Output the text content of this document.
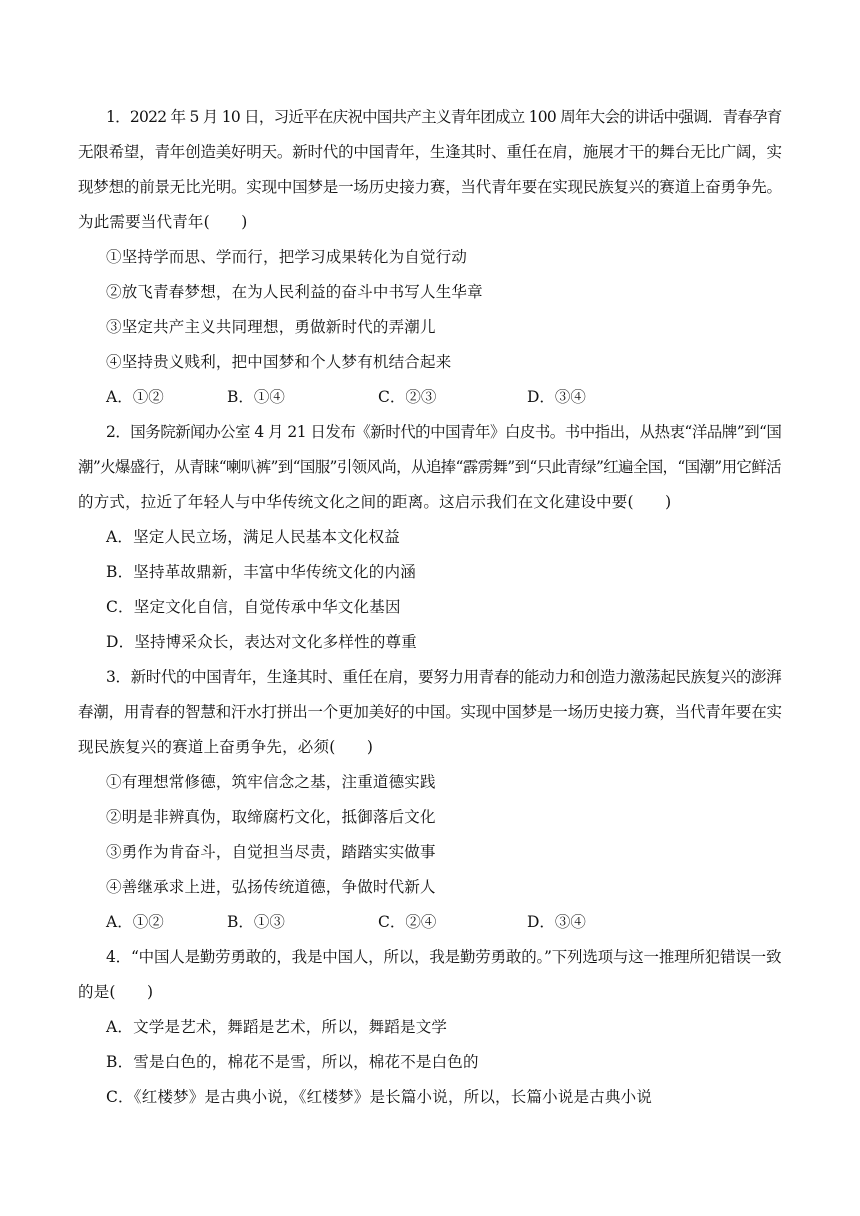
1．2022 年 5 月 10 日，习近平在庆祝中国共产主义青年团成立 100 周年大会的讲话中强调．青春孕育
无限希望，青年创造美好明天。新时代的中国青年，生逢其时、重任在肩，施展才干的舞台无比广阔，实
现梦想的前景无比光明。实现中国梦是一场历史接力赛，当代青年要在实现民族复兴的赛道上奋勇争先。
为此需要当代青年(　　)
①坚持学而思、学而行，把学习成果转化为自觉行动
②放飞青春梦想，在为人民利益的奋斗中书写人生华章
③坚定共产主义共同理想，勇做新时代的弄潮儿
④坚持贵义贱利，把中国梦和个人梦有机结合起来
A．①②	B．①④	C．②③	D．③④
2．国务院新闻办公室 4 月 21 日发布《新时代的中国青年》白皮书。书中指出，从热衷“洋品牌”到“国
潮”火爆盛行，从青睐“喇叭裤”到“国服”引领风尚，从追捧“霹雳舞”到“只此青绿”红遍全国，“国潮”用它鲜活
的方式，拉近了年轻人与中华传统文化之间的距离。这启示我们在文化建设中要(　　)
A．坚定人民立场，满足人民基本文化权益
B．坚持革故鼎新，丰富中华传统文化的内涵
C．坚定文化自信，自觉传承中华文化基因
D．坚持博采众长，表达对文化多样性的尊重
3．新时代的中国青年，生逢其时、重任在肩，要努力用青春的能动力和创造力激荡起民族复兴的澎湃
春潮，用青春的智慧和汗水打拼出一个更加美好的中国。实现中国梦是一场历史接力赛，当代青年要在实
现民族复兴的赛道上奋勇争先，必须(　　)
①有理想常修德，筑牢信念之基，注重道德实践
②明是非辨真伪，取缔腐朽文化，抵御落后文化
③勇作为肯奋斗，自觉担当尽责，踏踏实实做事
④善继承求上进，弘扬传统道德，争做时代新人
A．①②	B．①③	C．②④	D．③④
4．“中国人是勤劳勇敢的，我是中国人，所以，我是勤劳勇敢的。”下列选项与这一推理所犯错误一致
的是(　　)
A．文学是艺术，舞蹈是艺术，所以，舞蹈是文学
B．雪是白色的，棉花不是雪，所以，棉花不是白色的
C．《红楼梦》是古典小说，《红楼梦》是长篇小说，所以，长篇小说是古典小说
